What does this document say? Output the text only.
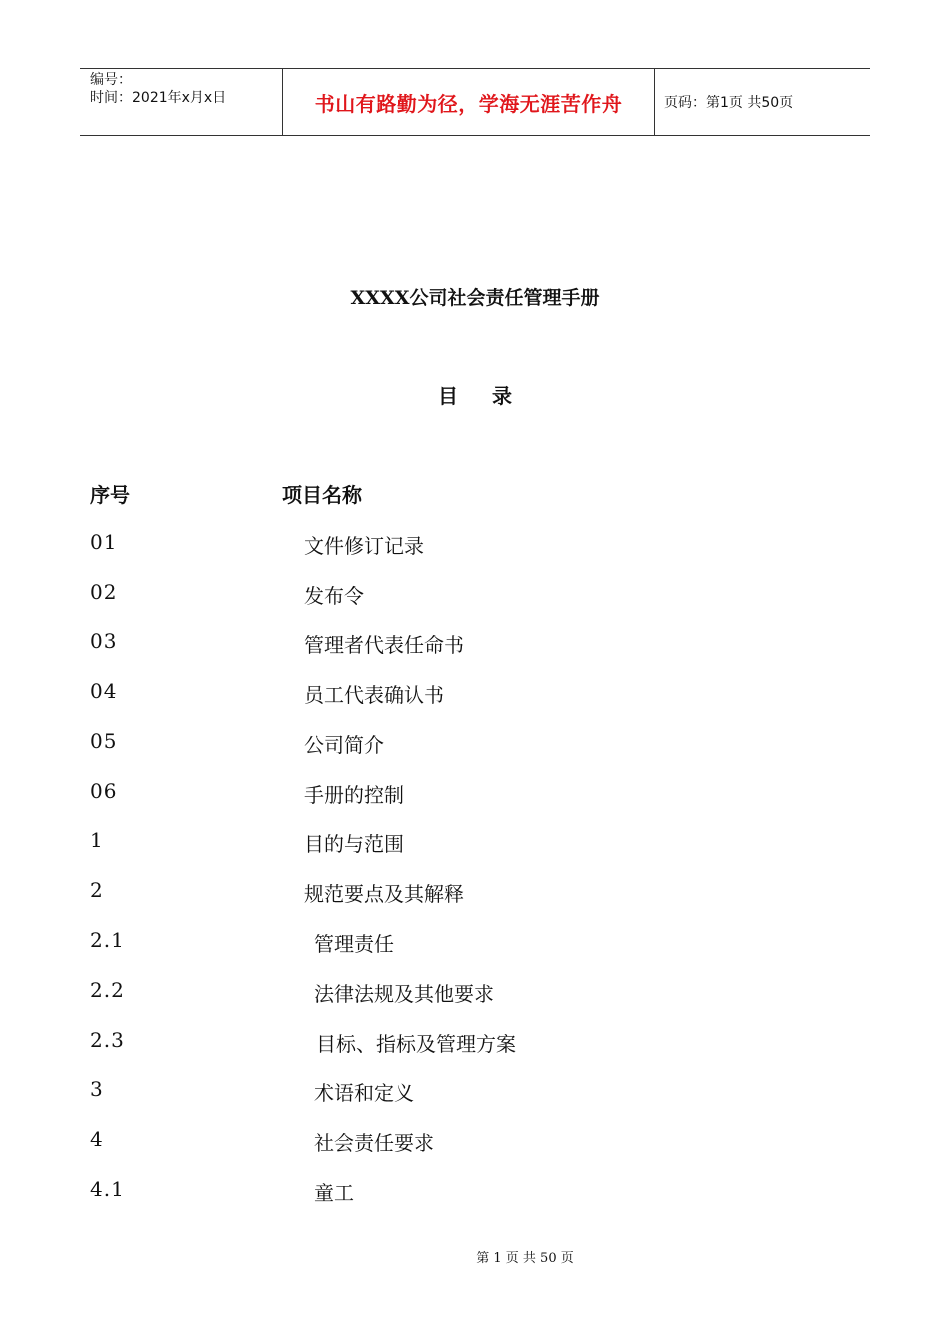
编号：
时间：2021年x月x日	书山有路勤为径，学海无涯苦作舟	页码：第1页 共50页
XXXX公司社会责任管理手册
目录
序号	项目名称
01	文件修订记录
02	发布令
03	管理者代表任命书
04	员工代表确认书
05	公司简介
06	手册的控制
1	目的与范围
2	规范要点及其解释
2.1	管理责任
2.2	法律法规及其他要求
2.3	目标、指标及管理方案
3	术语和定义
4	社会责任要求
4.1	童工
第 1 页 共 50 页
